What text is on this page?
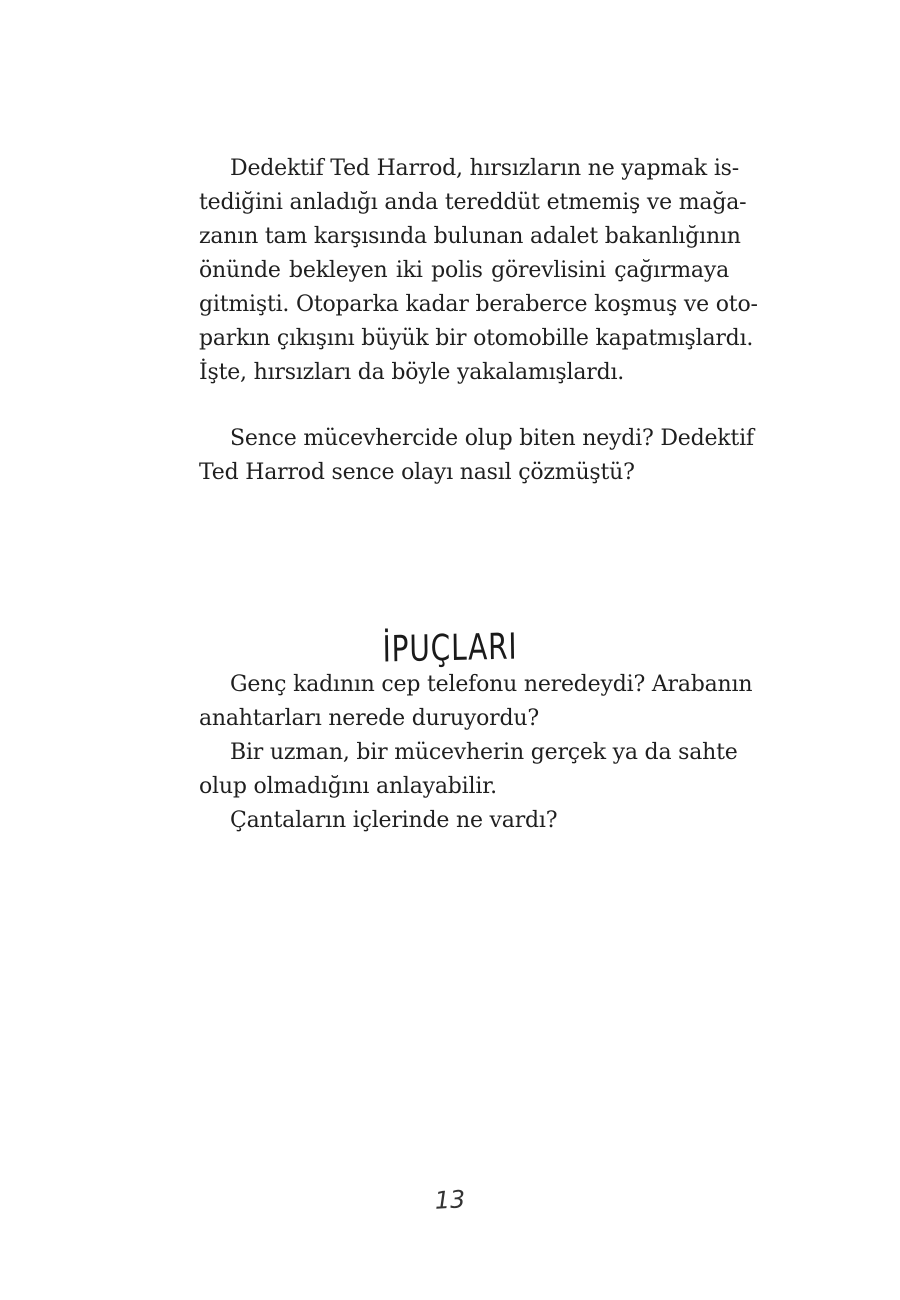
Dedektif Ted Harrod, hırsızların ne yapmak is-
tediğini anladığı anda tereddüt etmemiş ve mağa-
zanın tam karşısında bulunan adalet bakanlığının
önünde bekleyen iki polis görevlisini çağırmaya
gitmişti. Otoparka kadar beraberce koşmuş ve oto-
parkın çıkışını büyük bir otomobille kapatmışlardı.
İşte, hırsızları da böyle yakalamışlardı.
Sence mücevhercide olup biten neydi? Dedektif
Ted Harrod sence olayı nasıl çözmüştü?
İPUÇLARI
Genç kadının cep telefonu neredeydi? Arabanın
anahtarları nerede duruyordu?
Bir uzman, bir mücevherin gerçek ya da sahte
olup olmadığını anlayabilir.
Çantaların içlerinde ne vardı?
13
